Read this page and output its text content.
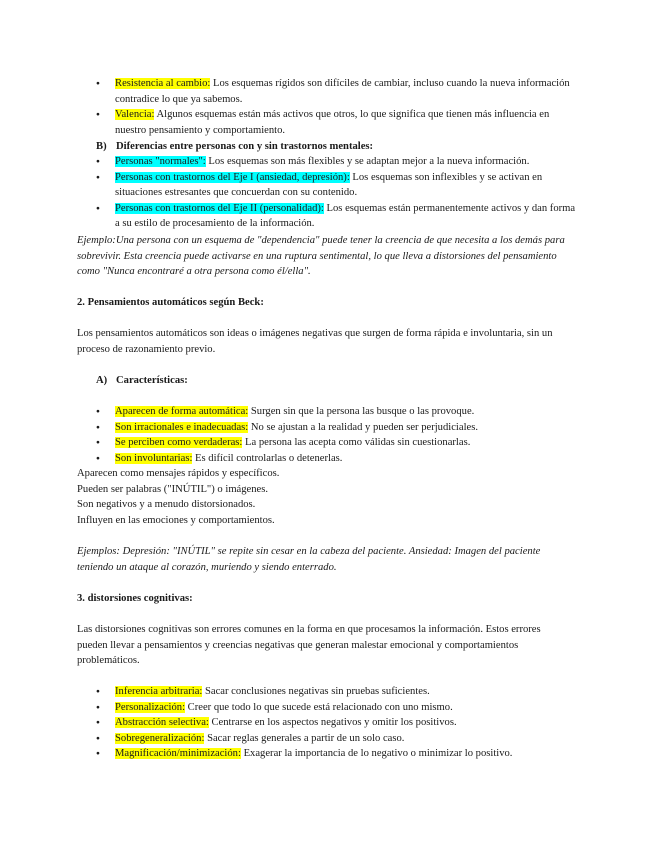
● Resistencia al cambio: Los esquemas rígidos son difíciles de cambiar, incluso cuando la nueva información contradice lo que ya sabemos.
● Valencia: Algunos esquemas están más activos que otros, lo que significa que tienen más influencia en nuestro pensamiento y comportamiento.
B) Diferencias entre personas con y sin trastornos mentales:
● Personas "normales": Los esquemas son más flexibles y se adaptan mejor a la nueva información.
● Personas con trastornos del Eje I (ansiedad, depresión): Los esquemas son inflexibles y se activan en situaciones estresantes que concuerdan con su contenido.
● Personas con trastornos del Eje II (personalidad): Los esquemas están permanentemente activos y dan forma a su estilo de procesamiento de la información.
Ejemplo:Una persona con un esquema de "dependencia" puede tener la creencia de que necesita a los demás para sobrevivir. Esta creencia puede activarse en una ruptura sentimental, lo que lleva a distorsiones del pensamiento como "Nunca encontraré a otra persona como él/ella".
2. Pensamientos automáticos según Beck:
Los pensamientos automáticos son ideas o imágenes negativas que surgen de forma rápida e involuntaria, sin un proceso de razonamiento previo.
A) Características:
● Aparecen de forma automática: Surgen sin que la persona las busque o las provoque.
● Son irracionales e inadecuadas: No se ajustan a la realidad y pueden ser perjudiciales.
● Se perciben como verdaderas: La persona las acepta como válidas sin cuestionarlas.
● Son involuntarias: Es difícil controlarlas o detenerlas.
Aparecen como mensajes rápidos y específicos.
Pueden ser palabras ("INÚTIL") o imágenes.
Son negativos y a menudo distorsionados.
Influyen en las emociones y comportamientos.
Ejemplos: Depresión: "INÚTIL" se repite sin cesar en la cabeza del paciente. Ansiedad: Imagen del paciente teniendo un ataque al corazón, muriendo y siendo enterrado.
3. distorsiones cognitivas:
Las distorsiones cognitivas son errores comunes en la forma en que procesamos la información. Estos errores pueden llevar a pensamientos y creencias negativas que generan malestar emocional y comportamientos problemáticos.
● Inferencia arbitraria: Sacar conclusiones negativas sin pruebas suficientes.
● Personalización: Creer que todo lo que sucede está relacionado con uno mismo.
● Abstracción selectiva: Centrarse en los aspectos negativos y omitir los positivos.
● Sobregeneralización: Sacar reglas generales a partir de un solo caso.
● Magnificación/minimización: Exagerar la importancia de lo negativo o minimizar lo positivo.
